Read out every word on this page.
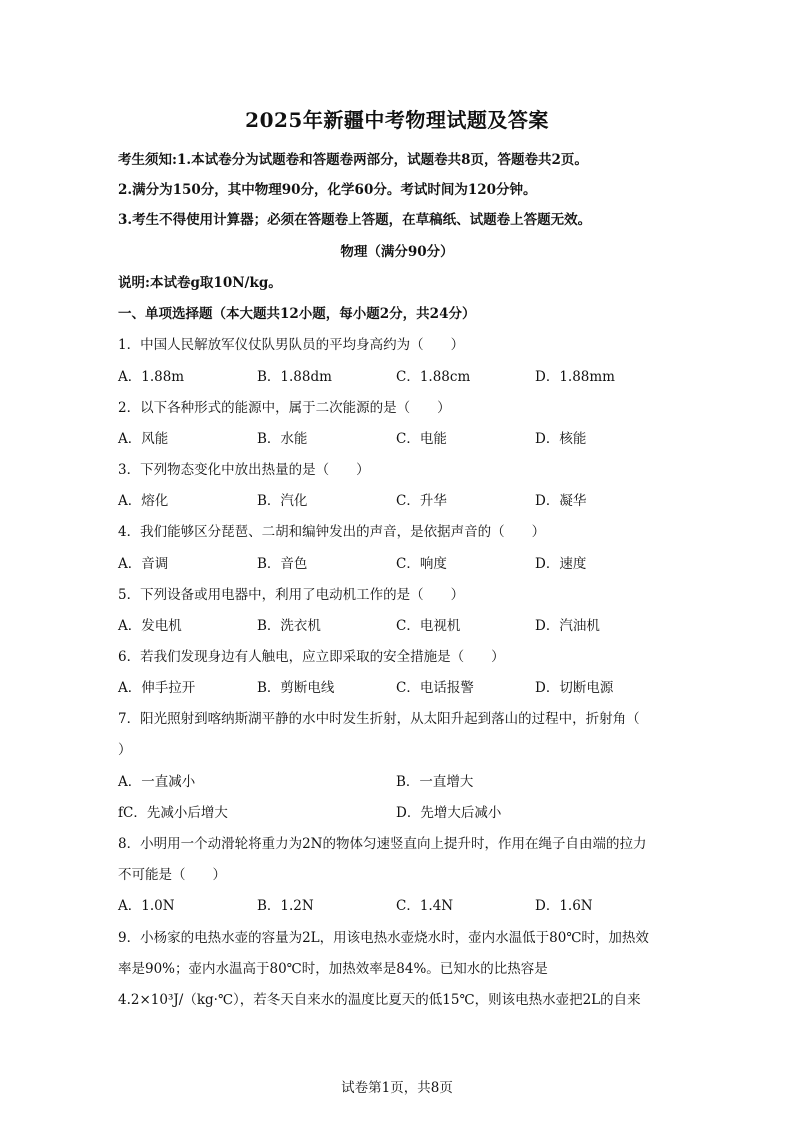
2025年新疆中考物理试题及答案
考生须知:1.本试卷分为试题卷和答题卷两部分，试题卷共8页，答题卷共2页。
2.满分为150分，其中物理90分，化学60分。考试时间为120分钟。
3.考生不得使用计算器；必须在答题卷上答题，在草稿纸、试题卷上答题无效。
物理（满分90分）
说明:本试卷g取10N/kg。
一、单项选择题（本大题共12小题，每小题2分，共24分）
1．中国人民解放军仪仗队男队员的平均身高约为（　　）
A．1.88m	B．1.88dm	C．1.88cm	D．1.88mm
2．以下各种形式的能源中，属于二次能源的是（　　）
A．风能	B．水能	C．电能	D．核能
3．下列物态变化中放出热量的是（　　）
A．熔化	B．汽化	C．升华	D．凝华
4．我们能够区分琵琶、二胡和编钟发出的声音，是依据声音的（　　）
A．音调	B．音色	C．响度	D．速度
5．下列设备或用电器中，利用了电动机工作的是（　　）
A．发电机	B．洗衣机	C．电视机	D．汽油机
6．若我们发现身边有人触电，应立即采取的安全措施是（　　）
A．伸手拉开	B．剪断电线	C．电话报警	D．切断电源
7．阳光照射到喀纳斯湖平静的水中时发生折射，从太阳升起到落山的过程中，折射角（
）
A．一直减小	B．一直增大
fC．先减小后增大	D．先增大后减小
8．小明用一个动滑轮将重力为2N的物体匀速竖直向上提升时，作用在绳子自由端的拉力
不可能是（　　）
A．1.0N	B．1.2N	C．1.4N	D．1.6N
9．小杨家的电热水壶的容量为2L，用该电热水壶烧水时，壶内水温低于80℃时，加热效
率是90%；壶内水温高于80℃时，加热效率是84%。已知水的比热容是
4.2×10³J/（kg·℃），若冬天自来水的温度比夏天的低15℃，则该电热水壶把2L的自来
试卷第1页，共8页
